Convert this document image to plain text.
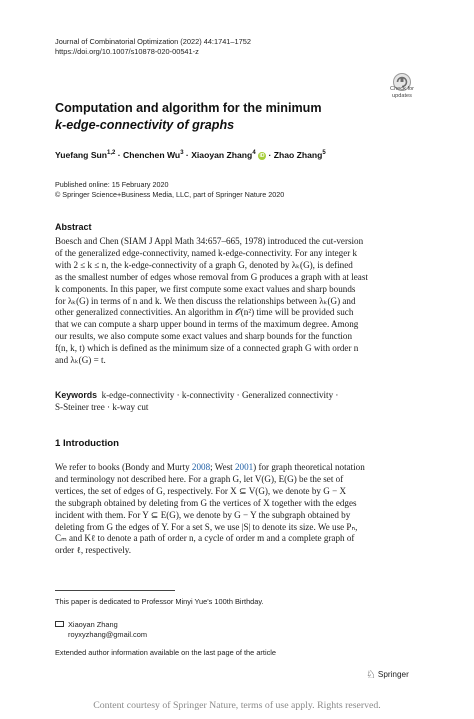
Journal of Combinatorial Optimization (2022) 44:1741–1752
https://doi.org/10.1007/s10878-020-00541-z
Check for updates
Computation and algorithm for the minimum
k-edge-connectivity of graphs
Yuefang Sun$^{1,2}$ · Chenchen $Wu^3$ · Xiaoyan Zhang$^4$ iD · Zhao Zhang$^5$
Published online: 15 February 2020
© Springer Science+Business Media, LLC, part of Springer Nature 2020
Abstract

Boesch and Chen (SIAM J Appl Math 34:657–665, 1978) introduced the cut-version

of the generalized edge-connectivity, named k-edge-connectivity. For any integer k

with 2 ≤ k ≤ n, the k-edge-connectivity of a graph G, denoted by λₖ(G), is defined

as the smallest number of edges whose removal from G produces a graph with at least

k components. In this paper, we first compute some exact values and sharp bounds

for λₖ(G) in terms of n and k. We then discuss the relationships between λₖ(G) and

other generalized connectivities. An algorithm in 𝒪(n²) time will be provided such

that we can compute a sharp upper bound in terms of the maximum degree. Among

our results, we also compute some exact values and sharp bounds for the function

f(n, k, t) which is defined as the minimum size of a connected graph G with order n

and λₖ(G) = t.

Keywords k-edge-connectivity · k-connectivity · Generalized connectivity ·

S-Steiner tree · k-way cut

1 Introduction

We refer to books (Bondy and Murty 2008; West 2001) for graph theoretical notation

and terminology not described here. For a graph G, let V(G), E(G) be the set of

vertices, the set of edges of G, respectively. For X ⊆ V(G), we denote by G − X

the subgraph obtained by deleting from G the vertices of X together with the edges

incident with them. For Y ⊆ E(G), we denote by G − Y the subgraph obtained by

deleting from G the edges of Y. For a set S, we use |S| to denote its size. We use Pₙ,

Cₘ and Kℓ to denote a path of order n, a cycle of order m and a complete graph of

order ℓ, respectively.

This paper is dedicated to Professor Minyi Yue's 100th Birthday.
Xiaoyan Zhang
royxyzhang@gmail.com
Extended author information available on the last page of the article
♘ Springer
Content courtesy of Springer Nature, terms of use apply. Rights reserved.
